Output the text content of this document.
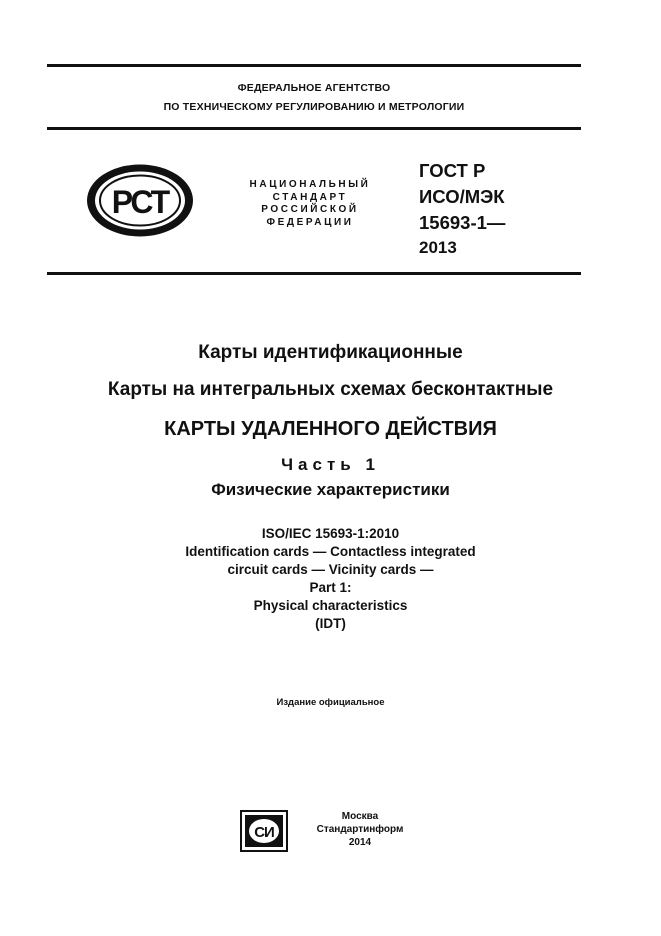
ФЕДЕРАЛЬНОЕ АГЕНТСТВО
ПО ТЕХНИЧЕСКОМУ РЕГУЛИРОВАНИЮ И МЕТРОЛОГИИ
РСТ	НАЦИОНАЛЬНЫЙ
СТАНДАРТ
РОССИЙСКОЙ
ФЕДЕРАЦИИ
ГОСТ Р
ИСО/МЭК
15693-1—
2013
Карты идентификационные
Карты на интегральных схемах бесконтактные
КАРТЫ УДАЛЕННОГО ДЕЙСТВИЯ
Часть 1
Физические характеристики
ISO/IEC 15693-1:2010
Identification cards — Contactless integrated
circuit cards — Vicinity cards —
Part 1:
Physical characteristics
(IDT)
Издание официальное
СИ
Москва
Стандартинформ
2014
